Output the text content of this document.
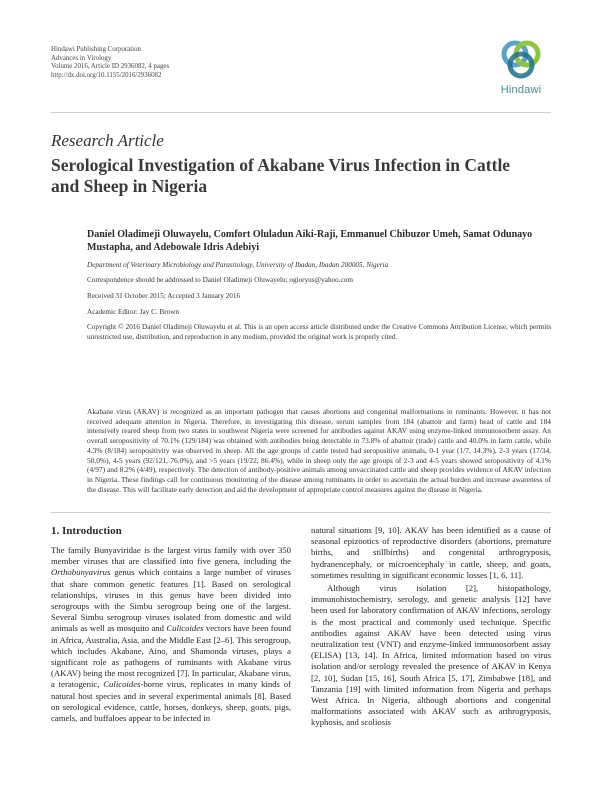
Hindawi Publishing Corporation
Advances in Virology
Volume 2016, Article ID 2936082, 4 pages
http://dx.doi.org/10.1155/2016/2936082
Hindawi
Research Article
Serological Investigation of Akabane Virus Infection in Cattle and Sheep in Nigeria

Daniel Oladimeji Oluwayelu, Comfort Oluladun Aiki-Raji, Emmanuel Chibuzor Umeh, Samat Odunayo Mustapha, and Adebowale Idris Adebiyi

Department of Veterinary Microbiology and Parasitology, University of Ibadan, Ibadan 200005, Nigeria

Correspondence should be addressed to Daniel Oladimeji Oluwayelu; ogloryus@yahoo.com

Received 31 October 2015; Accepted 3 January 2016

Academic Editor: Jay C. Brown

Copyright © 2016 Daniel Oladimeji Oluwayelu et al. This is an open access article distributed under the Creative Commons Attribution License, which permits unrestricted use, distribution, and reproduction in any medium, provided the original work is properly cited.

Akabane virus (AKAV) is recognized as an important pathogen that causes abortions and congenital malformations in ruminants. However, it has not received adequate attention in Nigeria. Therefore, in investigating this disease, serum samples from 184 (abattoir and farm) head of cattle and 184 intensively reared sheep from two states in southwest Nigeria were screened for antibodies against AKAV using enzyme-linked immunosorbent assay. An overall seropositivity of 70.1% (129/184) was obtained with antibodies being detectable in 73.8% of abattoir (trade) cattle and 40.0% in farm cattle, while 4.3% (8/184) seropositivity was observed in sheep. All the age groups of cattle tested had seropositive animals, 0-1 year (1/7, 14.3%), 2-3 years (17/34, 50.0%), 4-5 years (92/121, 76.0%), and >5 years (19/22, 86.4%), while in sheep only the age groups of 2-3 and 4-5 years showed seropositivity of 4.1% (4/97) and 8.2% (4/49), respectively. The detection of antibody-positive animals among unvaccinated cattle and sheep provides evidence of AKAV infection in Nigeria. These findings call for continuous monitoring of the disease among ruminants in order to ascertain the actual burden and increase awareness of the disease. This will facilitate early detection and aid the development of appropriate control measures against the disease in Nigeria.

1. Introduction

The family Bunyaviridae is the largest virus family with over 350 member viruses that are classified into five genera, including the Orthobunyavirus genus which contains a large number of viruses that share common genetic features [1]. Based on serological relationships, viruses in this genus have been divided into serogroups with the Simbu serogroup being one of the largest. Several Simbu serogroup viruses isolated from domestic and wild animals as well as mosquito and Culicoides vectors have been found in Africa, Australia, Asia, and the Middle East [2–6]. This serogroup, which includes Akabane, Aino, and Shamonda viruses, plays a significant role as pathogens of ruminants with Akabane virus (AKAV) being the most recognized [7]. In particular, Akabane virus, a teratogenic, Culicoides-borne virus, replicates in many kinds of natural host species and in several experimental animals [8]. Based on serological evidence, cattle, horses, donkeys, sheep, goats, pigs, camels, and buffaloes appear to be infected in

natural situations [9, 10]. AKAV has been identified as a cause of seasonal epizootics of reproductive disorders (abortions, premature births, and stillbirths) and congenital arthrogryposis, hydranencephaly, or microencephaly in cattle, sheep, and goats, sometimes resulting in significant economic losses [1, 6, 11].

Although virus isolation [2], histopathology, immunohistochemistry, serology, and genetic analysis [12] have been used for laboratory confirmation of AKAV infections, serology is the most practical and commonly used technique. Specific antibodies against AKAV have been detected using virus neutralization test (VNT) and enzyme-linked immunosorbent assay (ELISA) [13, 14]. In Africa, limited information based on virus isolation and/or serology revealed the presence of AKAV in Kenya [2, 10], Sudan [15, 16], South Africa [5, 17], Zimbabwe [18], and Tanzania [19] with limited information from Nigeria and perhaps West Africa. In Nigeria, although abortions and congenital malformations associated with AKAV such as arthrogryposis, kyphosis, and scoliosis
